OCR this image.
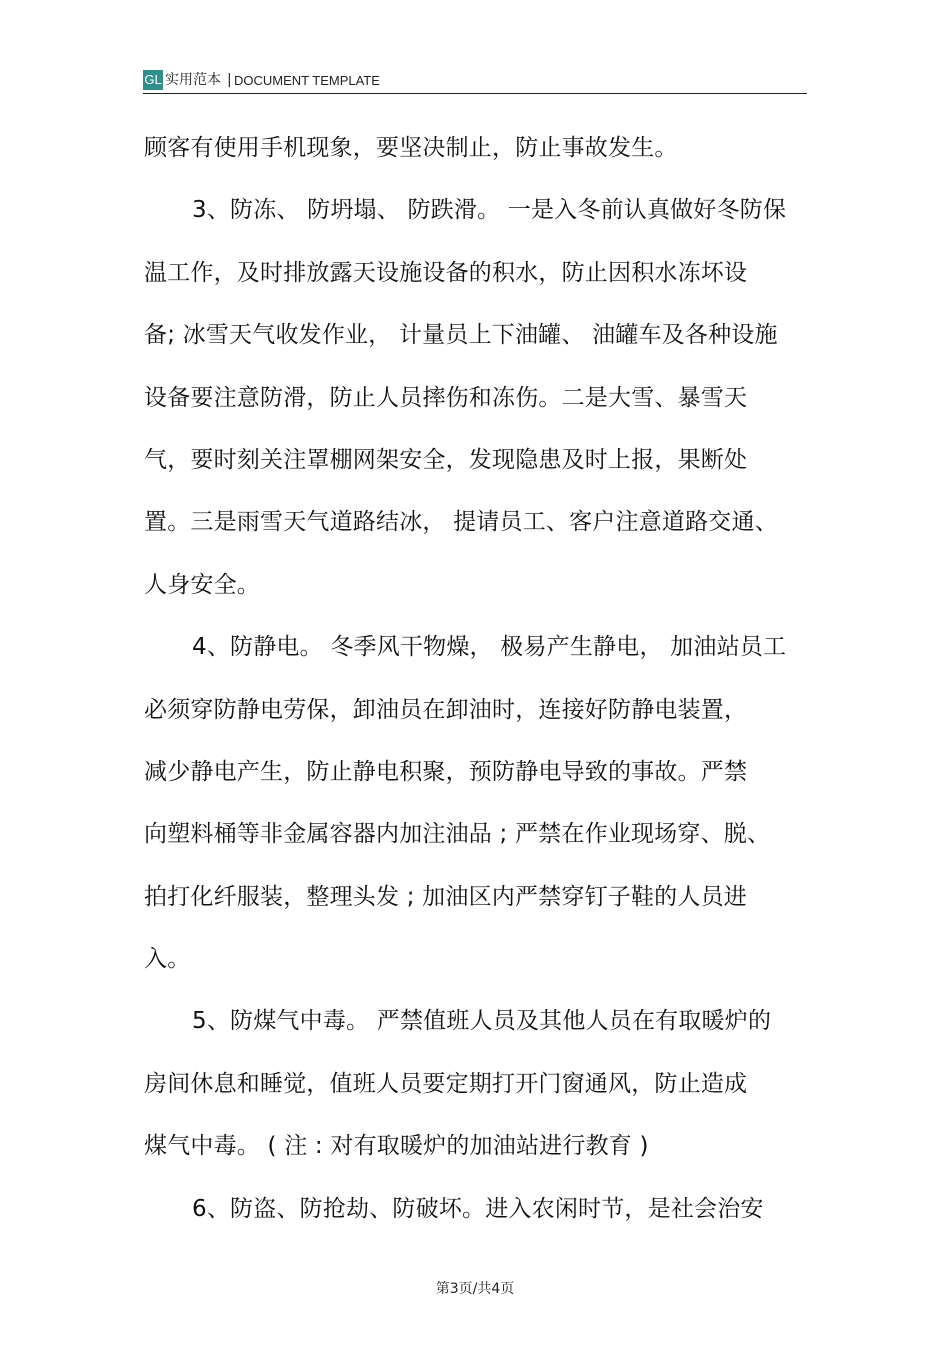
GL 实用范本 | DOCUMENT TEMPLATE
顾客有使用手机现象，要坚决制止，防止事故发生。
3、防冻、 防坍塌、 防跌滑。 一是入冬前认真做好冬防保
温工作，及时排放露天设施设备的积水，防止因积水冻坏设
备; 冰雪天气收发作业， 计量员上下油罐、 油罐车及各种设施
设备要注意防滑，防止人员摔伤和冻伤。二是大雪、暴雪天
气，要时刻关注罩棚网架安全，发现隐患及时上报，果断处
置。三是雨雪天气道路结冰， 提请员工、客户注意道路交通、
人身安全。
4、防静电。 冬季风干物燥， 极易产生静电， 加油站员工
必须穿防静电劳保，卸油员在卸油时，连接好防静电装置，
减少静电产生，防止静电积聚，预防静电导致的事故。严禁
向塑料桶等非金属容器内加注油品 ; 严禁在作业现场穿、脱、
拍打化纤服装，整理头发 ; 加油区内严禁穿钉子鞋的人员进
入。
5、防煤气中毒。 严禁值班人员及其他人员在有取暖炉的
房间休息和睡觉，值班人员要定期打开门窗通风，防止造成
煤气中毒。 ( 注 : 对有取暖炉的加油站进行教育 )
6、防盗、防抢劫、防破坏。进入农闲时节，是社会治安
第3页/共4页
